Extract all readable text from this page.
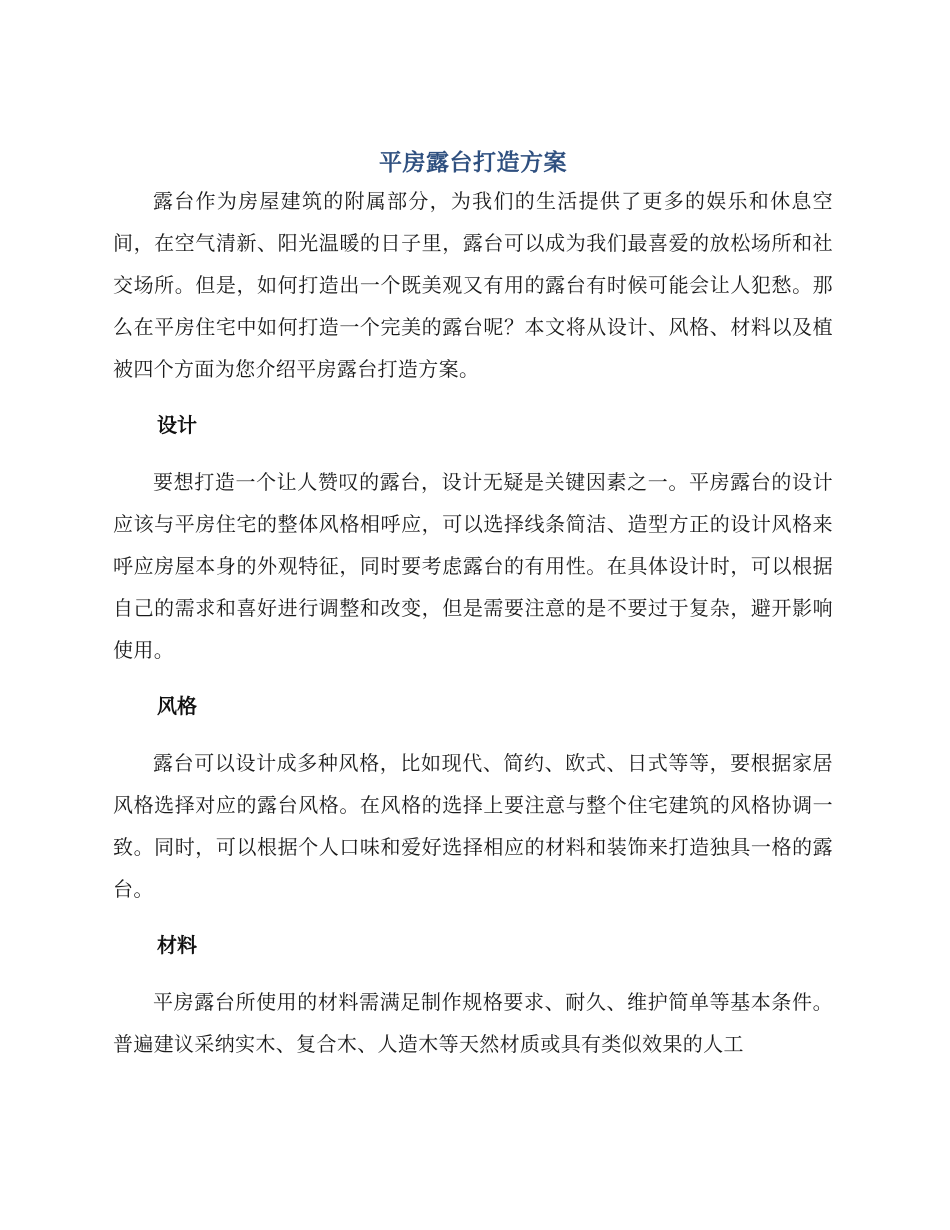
平房露台打造方案

露台作为房屋建筑的附属部分，为我们的生活提供了更多的娱乐和休息空间，在空气清新、阳光温暖的日子里，露台可以成为我们最喜爱的放松场所和社交场所。但是，如何打造出一个既美观又有用的露台有时候可能会让人犯愁。那么在平房住宅中如何打造一个完美的露台呢？本文将从设计、风格、材料以及植被四个方面为您介绍平房露台打造方案。

设计

要想打造一个让人赞叹的露台，设计无疑是关键因素之一。平房露台的设计应该与平房住宅的整体风格相呼应，可以选择线条简洁、造型方正的设计风格来呼应房屋本身的外观特征，同时要考虑露台的有用性。在具体设计时，可以根据自己的需求和喜好进行调整和改变，但是需要注意的是不要过于复杂，避开影响使用。

风格

露台可以设计成多种风格，比如现代、简约、欧式、日式等等，要根据家居风格选择对应的露台风格。在风格的选择上要注意与整个住宅建筑的风格协调一致。同时，可以根据个人口味和爱好选择相应的材料和装饰来打造独具一格的露台。

材料

平房露台所使用的材料需满足制作规格要求、耐久、维护简单等基本条件。普遍建议采纳实木、复合木、人造木等天然材质或具有类似效果的人工
